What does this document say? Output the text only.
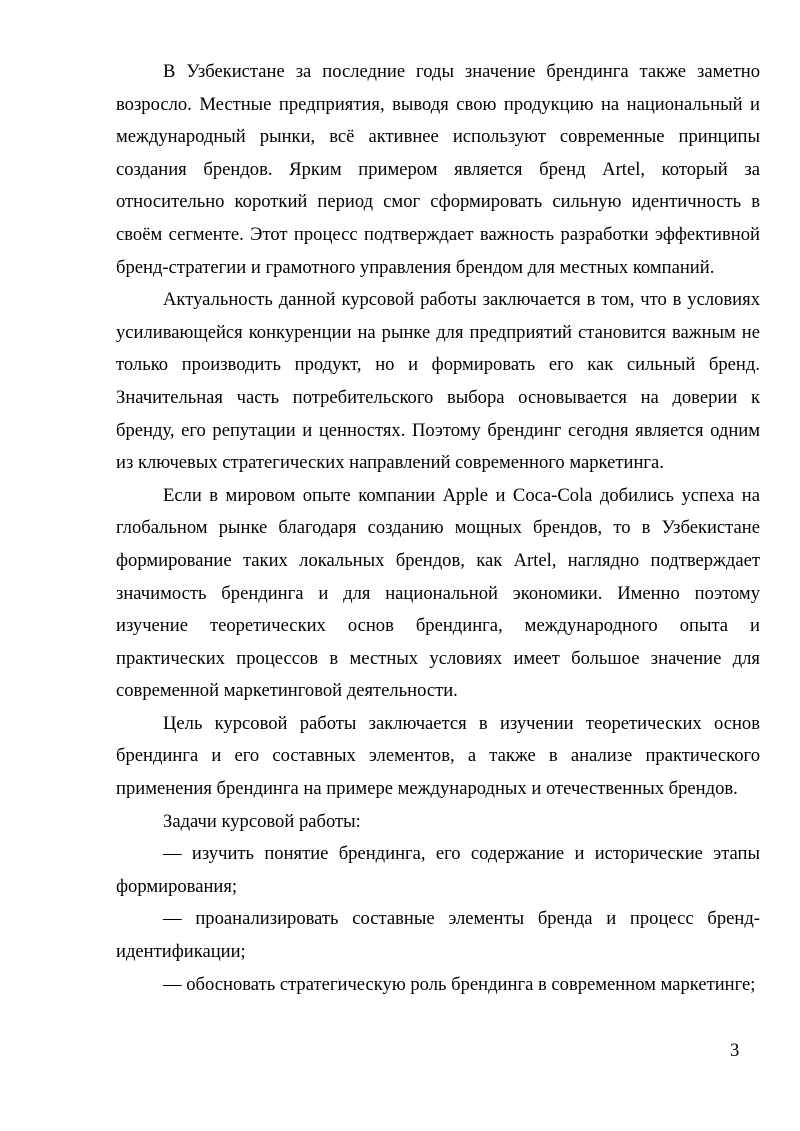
В Узбекистане за последние годы значение брендинга также заметно возросло. Местные предприятия, выводя свою продукцию на национальный и международный рынки, всё активнее используют современные принципы создания брендов. Ярким примером является бренд Artel, который за относительно короткий период смог сформировать сильную идентичность в своём сегменте. Этот процесс подтверждает важность разработки эффективной бренд-стратегии и грамотного управления брендом для местных компаний.

Актуальность данной курсовой работы заключается в том, что в условиях усиливающейся конкуренции на рынке для предприятий становится важным не только производить продукт, но и формировать его как сильный бренд. Значительная часть потребительского выбора основывается на доверии к бренду, его репутации и ценностях. Поэтому брендинг сегодня является одним из ключевых стратегических направлений современного маркетинга.

Если в мировом опыте компании Apple и Coca-Cola добились успеха на глобальном рынке благодаря созданию мощных брендов, то в Узбекистане формирование таких локальных брендов, как Artel, наглядно подтверждает значимость брендинга и для национальной экономики. Именно поэтому изучение теоретических основ брендинга, международного опыта и практических процессов в местных условиях имеет большое значение для современной маркетинговой деятельности.

Цель курсовой работы заключается в изучении теоретических основ брендинга и его составных элементов, а также в анализе практического применения брендинга на примере международных и отечественных брендов.

Задачи курсовой работы:

— изучить понятие брендинга, его содержание и исторические этапы формирования;

— проанализировать составные элементы бренда и процесс бренд-идентификации;

— обосновать стратегическую роль брендинга в современном маркетинге;

3
